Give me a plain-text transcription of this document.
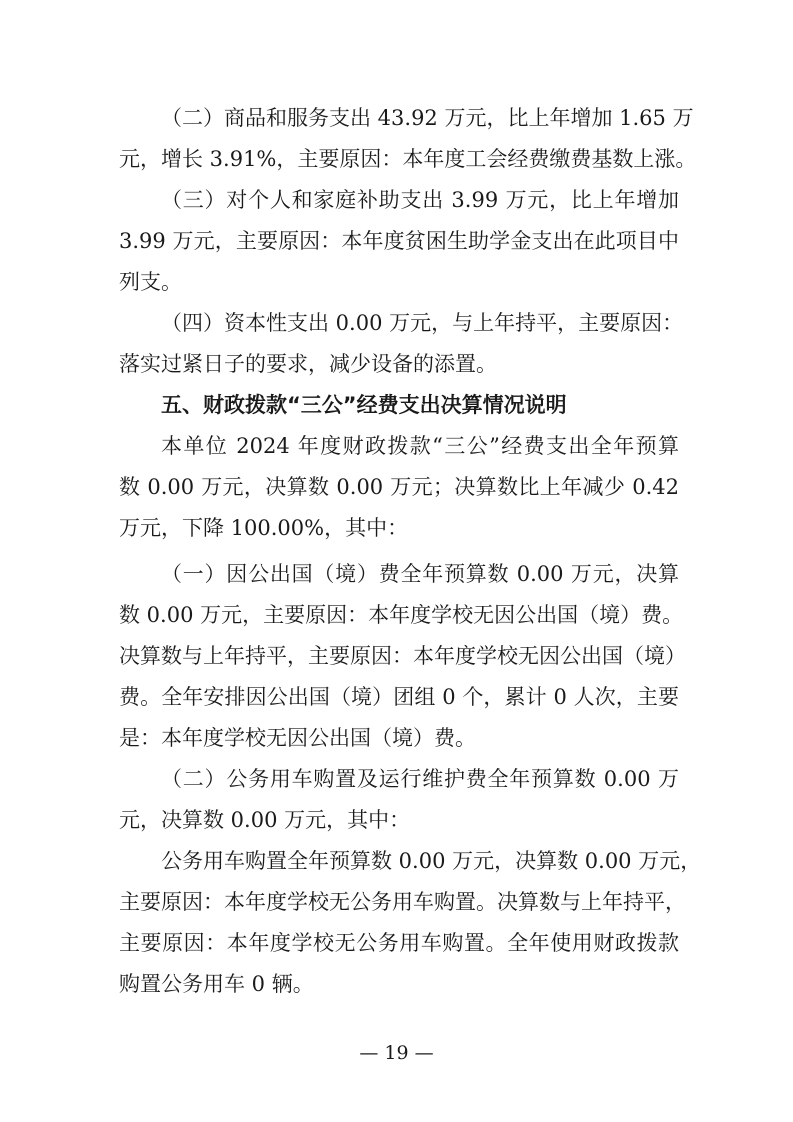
（二）商品和服务支出 43.92 万元，比上年增加 1.65 万
元，增长 3.91%，主要原因：本年度工会经费缴费基数上涨。
（三）对个人和家庭补助支出 3.99 万元，比上年增加
3.99 万元，主要原因：本年度贫困生助学金支出在此项目中
列支。
（四）资本性支出 0.00 万元，与上年持平，主要原因：
落实过紧日子的要求，减少设备的添置。
五、财政拨款“三公”经费支出决算情况说明
本单位 2024 年度财政拨款“三公”经费支出全年预算
数 0.00 万元，决算数 0.00 万元；决算数比上年减少 0.42
万元，下降 100.00%，其中：
（一）因公出国（境）费全年预算数 0.00 万元，决算
数 0.00 万元，主要原因：本年度学校无因公出国（境）费。
决算数与上年持平，主要原因：本年度学校无因公出国（境）
费。全年安排因公出国（境）团组 0 个，累计 0 人次，主要
是：本年度学校无因公出国（境）费。
（二）公务用车购置及运行维护费全年预算数 0.00 万
元，决算数 0.00 万元，其中：
公务用车购置全年预算数 0.00 万元，决算数 0.00 万元，
主要原因：本年度学校无公务用车购置。决算数与上年持平，
主要原因：本年度学校无公务用车购置。全年使用财政拨款
购置公务用车 0 辆。
— 19 —
